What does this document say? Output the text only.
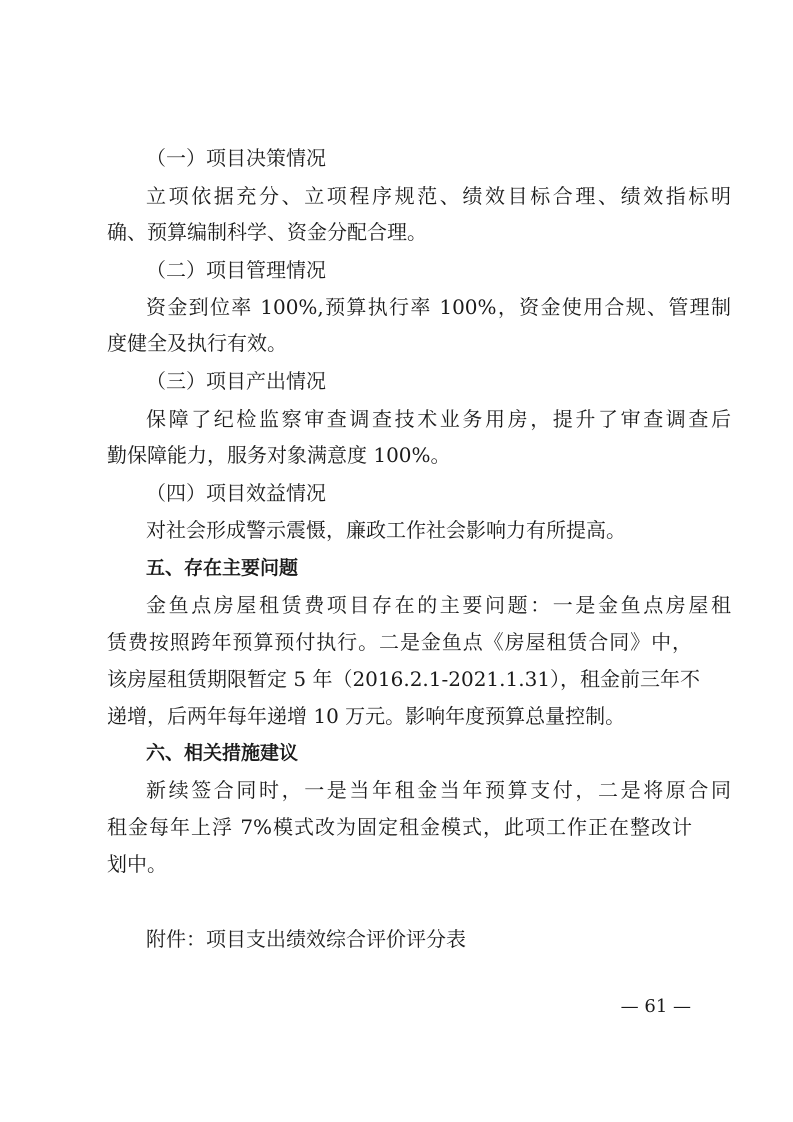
（一）项目决策情况
立项依据充分、立项程序规范、绩效目标合理、绩效指标明
确、预算编制科学、资金分配合理。
（二）项目管理情况
资金到位率 100%,预算执行率 100%，资金使用合规、管理制
度健全及执行有效。
（三）项目产出情况
保障了纪检监察审查调查技术业务用房，提升了审查调查后
勤保障能力，服务对象满意度 100%。
（四）项目效益情况
对社会形成警示震慑，廉政工作社会影响力有所提高。
五、存在主要问题
金鱼点房屋租赁费项目存在的主要问题：一是金鱼点房屋租
赁费按照跨年预算预付执行。二是金鱼点《房屋租赁合同》中，
该房屋租赁期限暂定 5 年（2016.2.1-2021.1.31），租金前三年不
递增，后两年每年递增 10 万元。影响年度预算总量控制。
六、相关措施建议
新续签合同时，一是当年租金当年预算支付，二是将原合同
租金每年上浮 7%模式改为固定租金模式，此项工作正在整改计
划中。
附件：项目支出绩效综合评价评分表
— 61 —
